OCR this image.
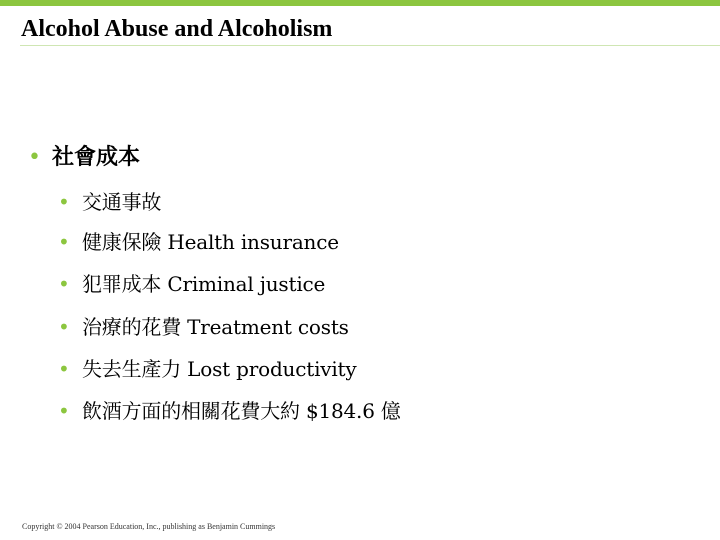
Alcohol Abuse and Alcoholism
• 社會成本
• 交通事故
• 健康保險 Health insurance
• 犯罪成本 Criminal justice
• 治療的花費 Treatment costs
• 失去生產力 Lost productivity
• 飲酒方面的相關花費大約 $184.6 億
Copyright © 2004 Pearson Education, Inc., publishing as Benjamin Cummings
